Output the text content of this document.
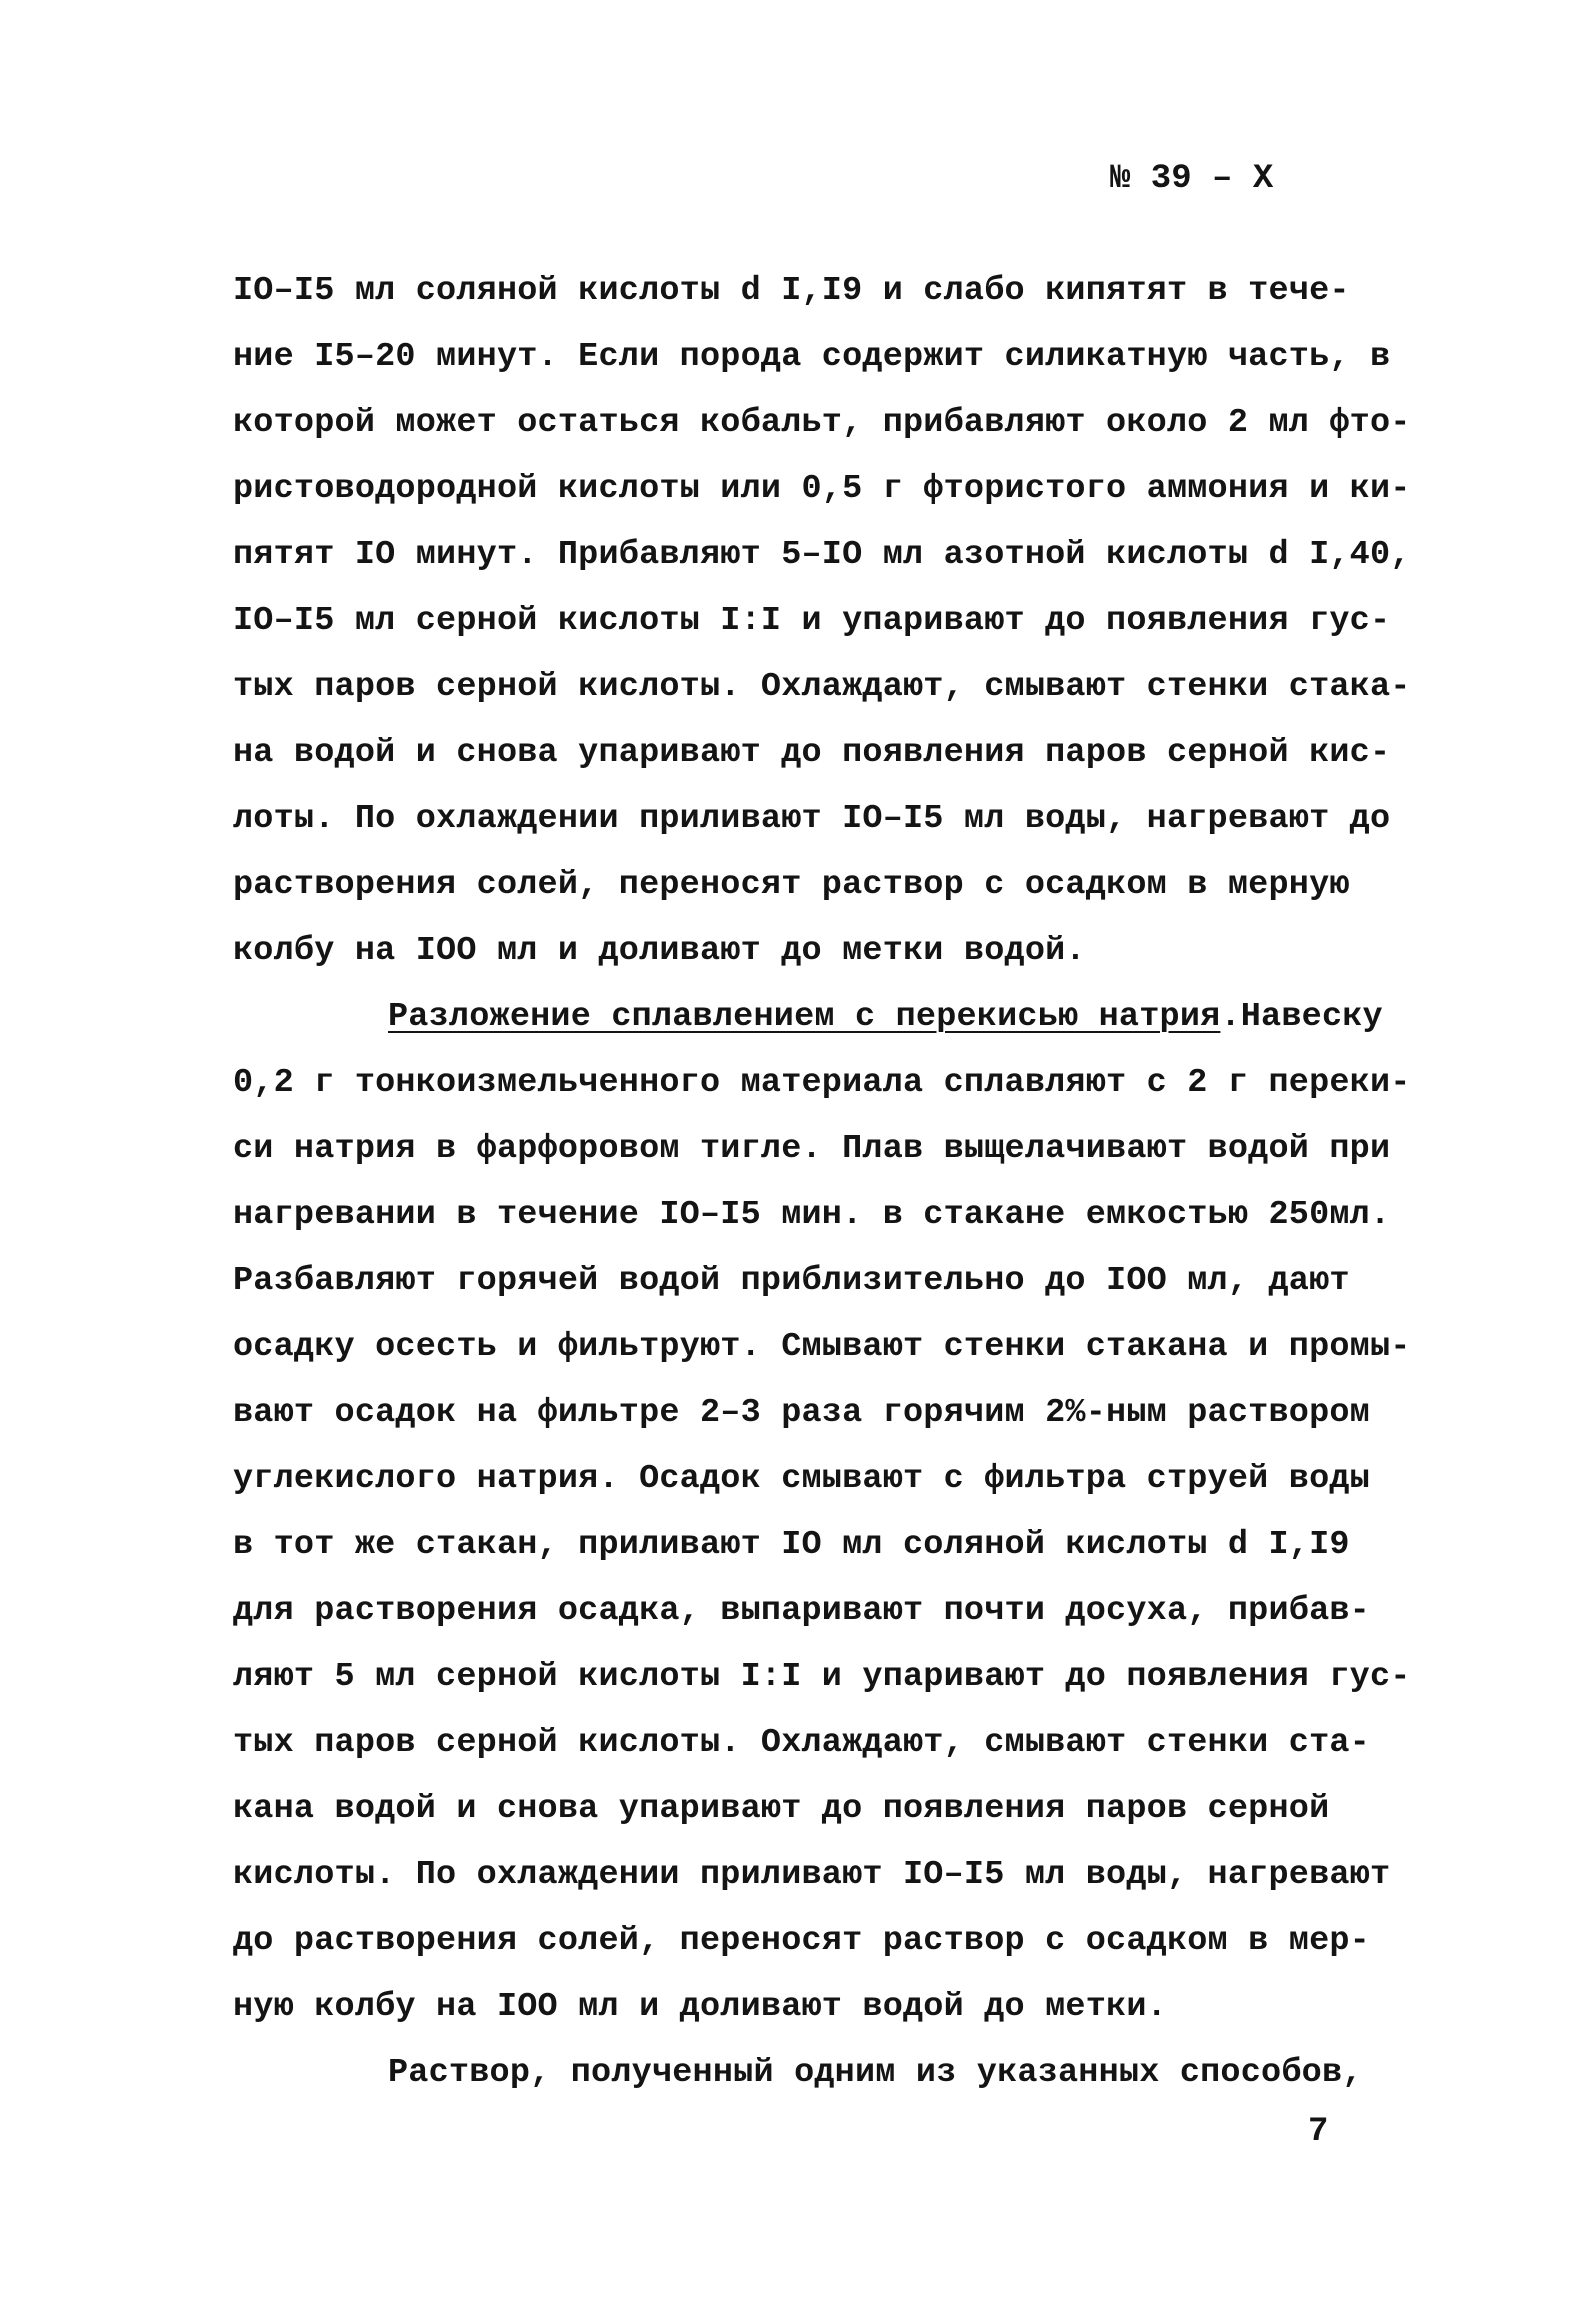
№ 39 – X
IO–I5 мл соляной кислоты d I,I9 и слабо кипятят в тече-
ние I5–20 минут. Если порода содержит силикатную часть, в
которой может остаться кобальт, прибавляют около 2 мл фто-
ристоводородной кислоты или 0,5 г фтористого аммония и ки-
пятят IO минут. Прибавляют 5–IO мл азотной кислоты d I,40,
IO–I5 мл серной кислоты I:I и упаривают до появления гус-
тых паров серной кислоты. Охлаждают, смывают стенки стака-
на водой и снова упаривают до появления паров серной кис-
лоты. По охлаждении приливают IO–I5 мл воды, нагревают до
растворения солей, переносят раствор с осадком в мерную
колбу на IOO мл и доливают до метки водой.
Разложение сплавлением с перекисью натрия.Навеску
0,2 г тонкоизмельченного материала сплавляют с 2 г переки-
си натрия в фарфоровом тигле. Плав выщелачивают водой при
нагревании в течение IO–I5 мин. в стакане емкостью 250мл.
Разбавляют горячей водой приблизительно до IOO мл, дают
осадку осесть и фильтруют. Смывают стенки стакана и промы-
вают осадок на фильтре 2–3 раза горячим 2%-ным раствором
углекислого натрия. Осадок смывают с фильтра струей воды
в тот же стакан, приливают IO мл соляной кислоты d I,I9
для растворения осадка, выпаривают почти досуха, прибав-
ляют 5 мл серной кислоты I:I и упаривают до появления гус-
тых паров серной кислоты. Охлаждают, смывают стенки ста-
кана водой и снова упаривают до появления паров серной
кислоты. По охлаждении приливают IO–I5 мл воды, нагревают
до растворения солей, переносят раствор с осадком в мер-
ную колбу на IOO мл и доливают водой до метки.
Раствор, полученный одним из указанных способов,
7
